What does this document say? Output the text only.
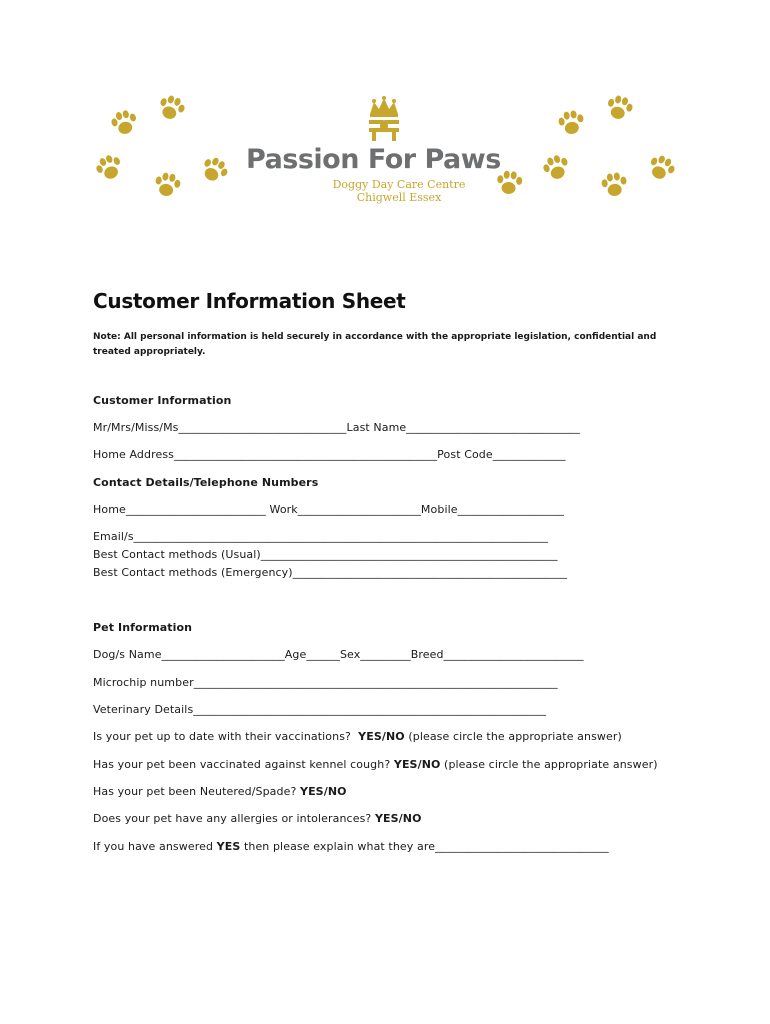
Passion For Paws
Doggy Day Care Centre
Chigwell Essex
Customer Information Sheet
Note: All personal information is held securely in accordance with the appropriate legislation, confidential and treated appropriately.
Customer Information
Mr/Mrs/Miss/Ms______________________________Last Name_______________________________
Home Address_______________________________________________Post Code_____________
Contact Details/Telephone Numbers
Home_________________________ Work______________________Mobile___________________
Email/s__________________________________________________________________________
Best Contact methods (Usual)_____________________________________________________
Best Contact methods (Emergency)_________________________________________________
Pet Information
Dog/s Name______________________Age______Sex_________Breed_________________________
Microchip number_________________________________________________________________
Veterinary Details_______________________________________________________________
Is your pet up to date with their vaccinations?  YES/NO (please circle the appropriate answer)
Has your pet been vaccinated against kennel cough? YES/NO (please circle the appropriate answer)
Has your pet been Neutered/Spade? YES/NO
Does your pet have any allergies or intolerances? YES/NO
If you have answered YES then please explain what they are_______________________________
